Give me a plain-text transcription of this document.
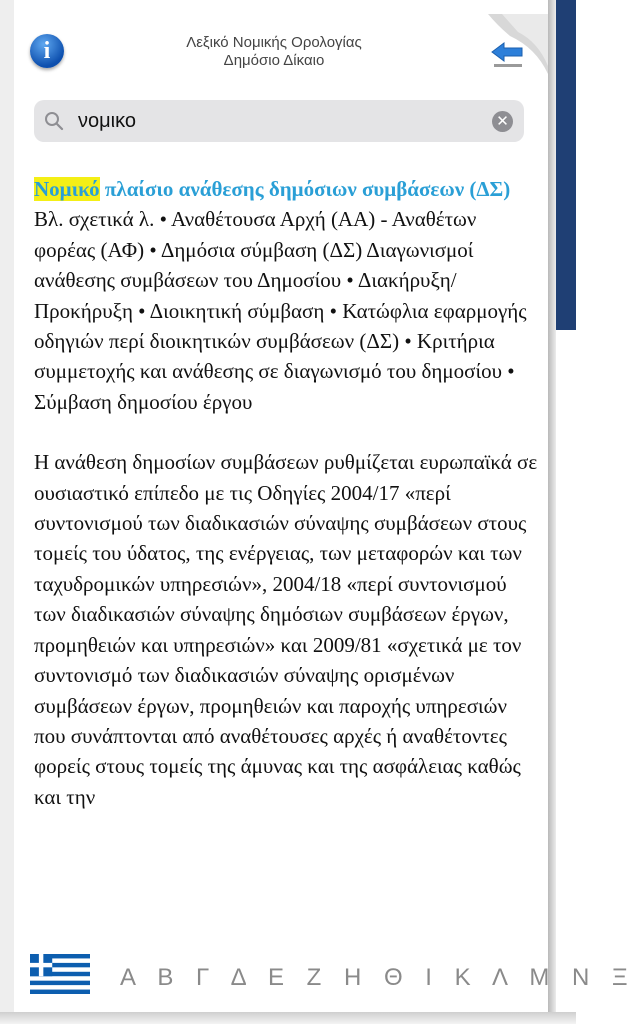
i	Λεξικό Νομικής Ορολογίας
Δημόσιο Δίκαιο
νομικο	✕
Νομικό πλαίσιο ανάθεσης δημόσιων συμβάσεων (ΔΣ) Βλ. σχετικά λ. • Αναθέτουσα Αρχή (ΑΑ) - Αναθέτων φορέας (ΑΦ) • Δημόσια σύμβαση (ΔΣ) Διαγωνισμοί ανάθεσης συμβάσεων του Δημοσίου • Διακήρυξη/Προκήρυξη • Διοικητική σύμβαση • Κατώφλια εφαρμογής οδηγιών περί διοικητικών συμβάσεων (ΔΣ) • Κριτήρια συμμετοχής και ανάθεσης σε διαγωνισμό του δημοσίου • Σύμβαση δημοσίου έργου
Η ανάθεση δημοσίων συμβάσεων ρυθμίζεται ευρωπαϊκά σε ουσιαστικό επίπεδο με τις Οδηγίες 2004/17 «περί συντονισμού των διαδικασιών σύναψης συμβάσεων στους τομείς του ύδατος, της ενέργειας, των μεταφορών και των ταχυδρομικών υπηρεσιών», 2004/18 «περί συντονισμού των διαδικασιών σύναψης δημόσιων συμβάσεων έργων, προμηθειών και υπηρεσιών» και 2009/81 «σχετικά με τον συντονισμό των διαδικασιών σύναψης ορισμένων συμβάσεων έργων, προμηθειών και παροχής υπηρεσιών που συνάπτονται από αναθέτουσες αρχές ή αναθέτοντες φορείς στους τομείς της άμυνας και της ασφάλειας καθώς και την
Α Β Γ Δ Ε Ζ Η Θ Ι Κ Λ Μ Ν Ξ
